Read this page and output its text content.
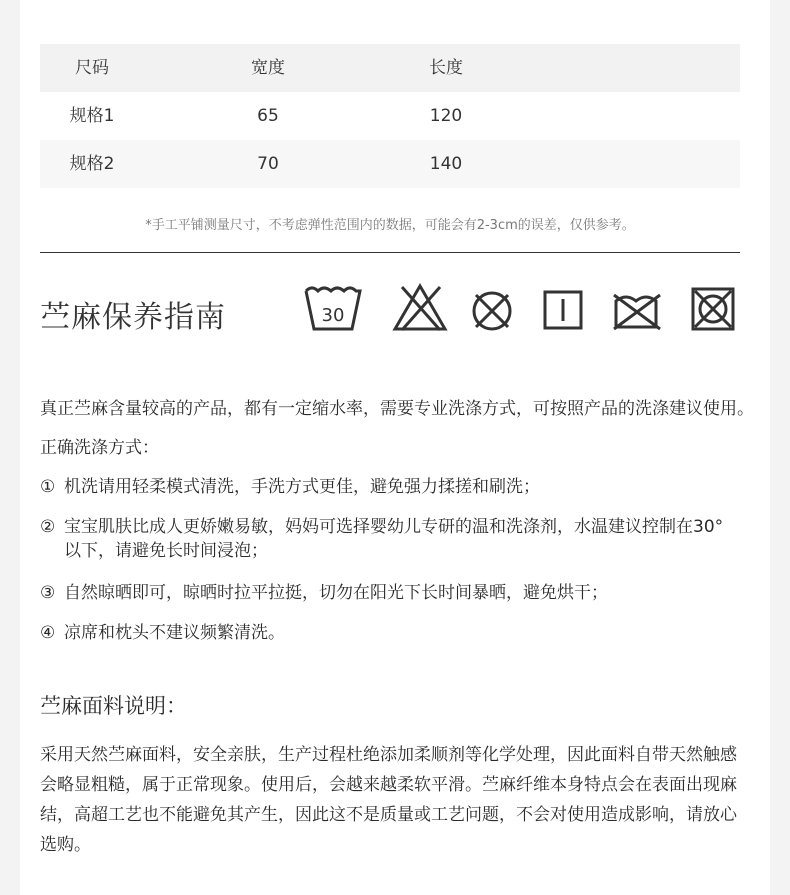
尺码	宽度	长度
规格1	65	120
规格2	70	140
*手工平铺测量尺寸，不考虑弹性范围内的数据，可能会有2-3cm的误差，仅供参考。
苎麻保养指南	30
真正苎麻含量较高的产品，都有一定缩水率，需要专业洗涤方式，可按照产品的洗涤建议使用。
正确洗涤方式：
① 机洗请用轻柔模式清洗，手洗方式更佳，避免强力揉搓和刷洗；
② 宝宝肌肤比成人更娇嫩易敏，妈妈可选择婴幼儿专研的温和洗涤剂，水温建议控制在30°以下，请避免长时间浸泡；
③ 自然晾晒即可，晾晒时拉平拉挺，切勿在阳光下长时间暴晒，避免烘干；
④ 凉席和枕头不建议频繁清洗。
苎麻面料说明：
采用天然苎麻面料，安全亲肤，生产过程杜绝添加柔顺剂等化学处理，因此面料自带天然触感会略显粗糙，属于正常现象。使用后，会越来越柔软平滑。苎麻纤维本身特点会在表面出现麻结，高超工艺也不能避免其产生，因此这不是质量或工艺问题，不会对使用造成影响，请放心选购。
